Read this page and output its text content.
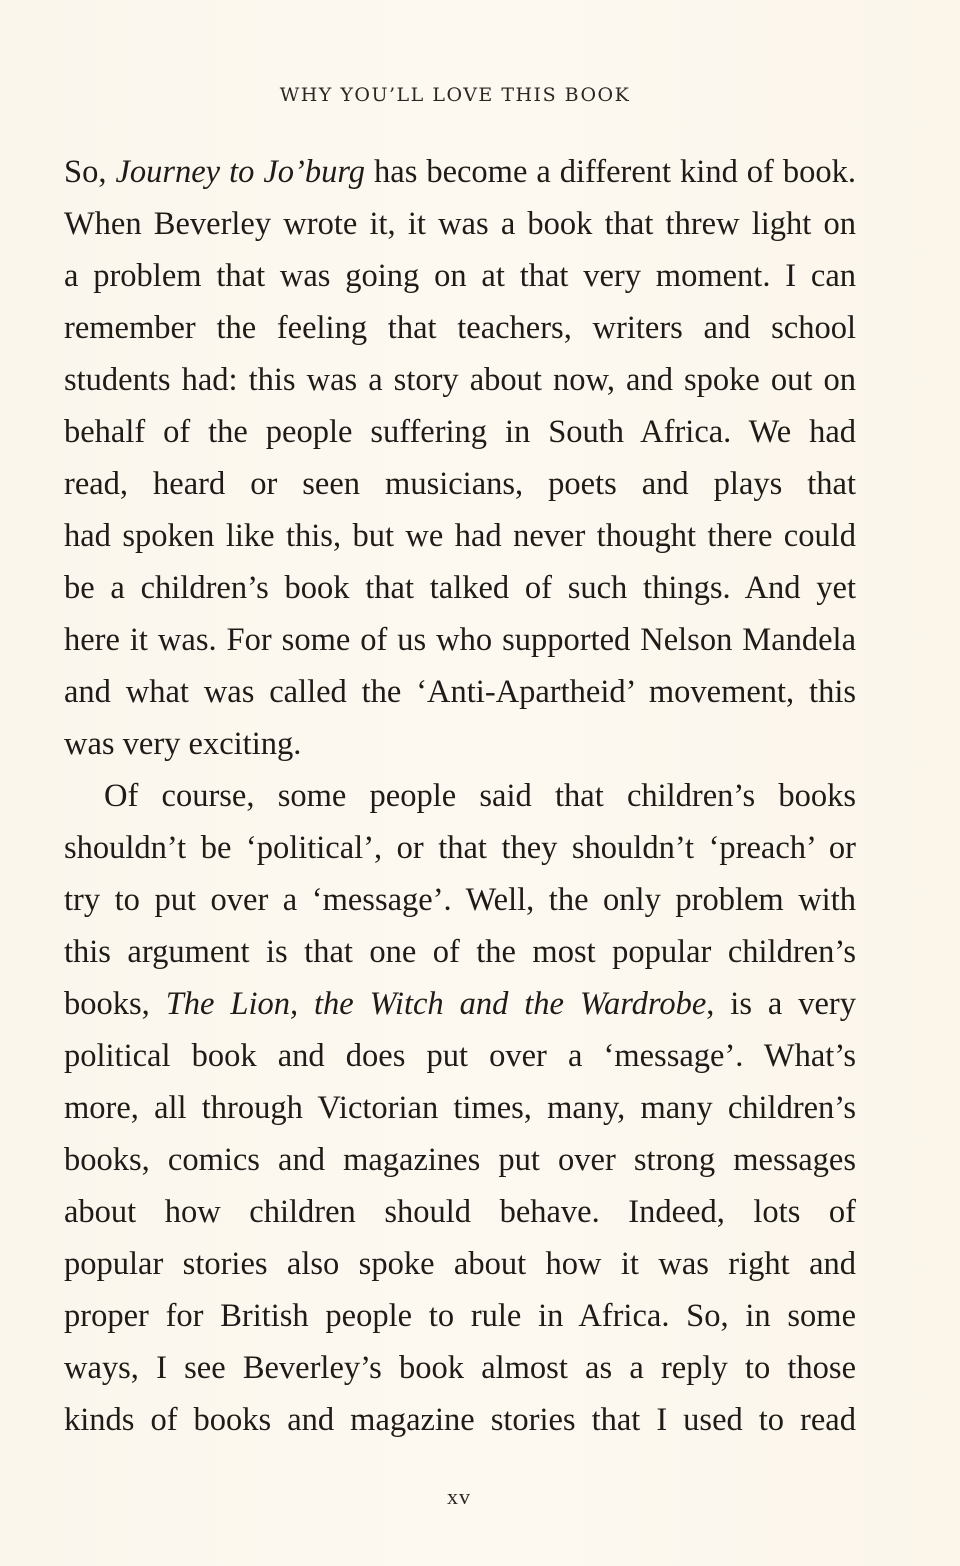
WHY YOU’LL LOVE THIS BOOK
So, Journey to Jo’burg has become a different kind of book.
When Beverley wrote it, it was a book that threw light on
a problem that was going on at that very moment. I can
remember the feeling that teachers, writers and school
students had: this was a story about now, and spoke out on
behalf of the people suffering in South Africa. We had
read, heard or seen musicians, poets and plays that
had spoken like this, but we had never thought there could
be a children’s book that talked of such things. And yet
here it was. For some of us who supported Nelson Mandela
and what was called the ‘Anti-Apartheid’ movement, this
was very exciting.
Of course, some people said that children’s books
shouldn’t be ‘political’, or that they shouldn’t ‘preach’ or
try to put over a ‘message’. Well, the only problem with
this argument is that one of the most popular children’s
books, The Lion, the Witch and the Wardrobe, is a very
political book and does put over a ‘message’. What’s
more, all through Victorian times, many, many children’s
books, comics and magazines put over strong messages
about how children should behave. Indeed, lots of
popular stories also spoke about how it was right and
proper for British people to rule in Africa. So, in some
ways, I see Beverley’s book almost as a reply to those
kinds of books and magazine stories that I used to read
xv
